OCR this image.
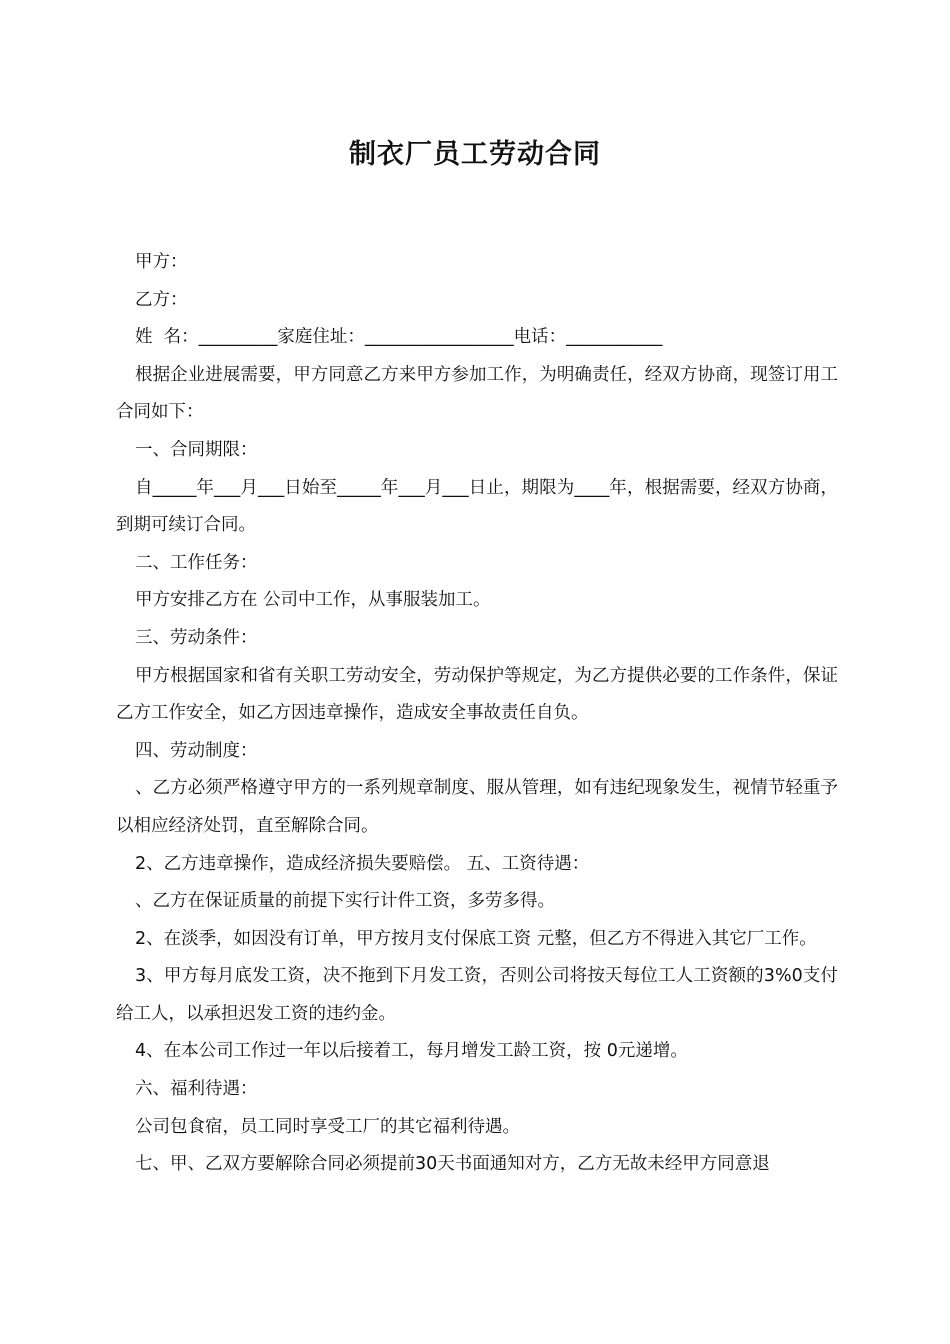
制衣厂员工劳动合同

甲方：

乙方：

姓  名：_________家庭住址：_________________电话：___________

根据企业进展需要，甲方同意乙方来甲方参加工作，为明确责任，经双方协商，现签订用工合同如下：

一、合同期限：

自_____年___月___日始至_____年___月___日止，期限为____年，根据需要，经双方协商，到期可续订合同。

二、工作任务：

甲方安排乙方在 公司中工作，从事服装加工。

三、劳动条件：

甲方根据国家和省有关职工劳动安全，劳动保护等规定，为乙方提供必要的工作条件，保证乙方工作安全，如乙方因违章操作，造成安全事故责任自负。

四、劳动制度：

、乙方必须严格遵守甲方的一系列规章制度、服从管理，如有违纪现象发生，视情节轻重予以相应经济处罚，直至解除合同。

2、乙方违章操作，造成经济损失要赔偿。 五、工资待遇：

、乙方在保证质量的前提下实行计件工资，多劳多得。

2、在淡季，如因没有订单，甲方按月支付保底工资 元整，但乙方不得进入其它厂工作。

3、甲方每月底发工资，决不拖到下月发工资，否则公司将按天每位工人工资额的3%0支付给工人，以承担迟发工资的违约金。

4、在本公司工作过一年以后接着工，每月增发工龄工资，按 0元递增。

六、福利待遇：

公司包食宿，员工同时享受工厂的其它福利待遇。

七、甲、乙双方要解除合同必须提前30天书面通知对方，乙方无故未经甲方同意退
